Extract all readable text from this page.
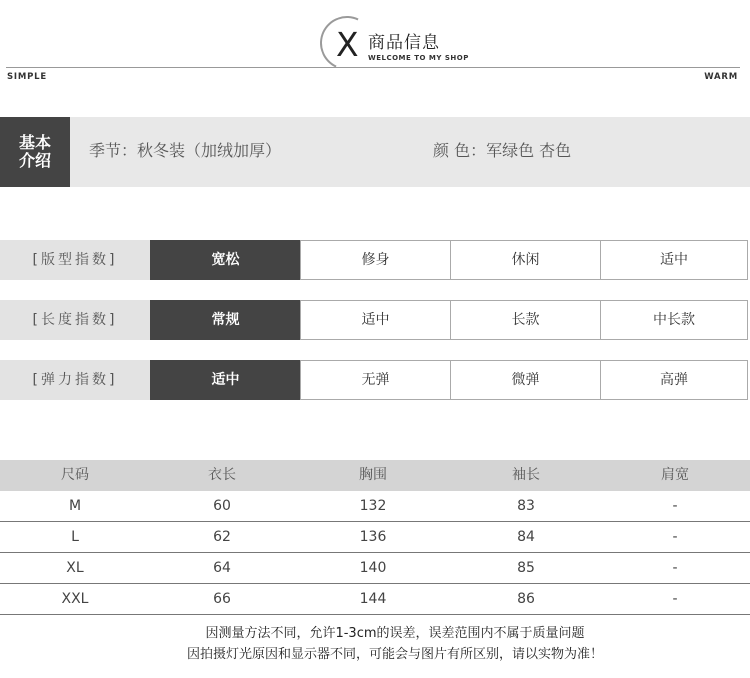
X 商品信息
WELCOME TO MY SHOP
SIMPLE	WARM
基本
介绍
季节：秋冬装（加绒加厚）	颜 色：军绿色 杏色
[版型指数]	宽松	修身	休闲	适中
[长度指数]	常规	适中	长款	中长款
[弹力指数]	适中	无弹	微弹	高弹
尺码	衣长	胸围	袖长	肩宽
M	60	132	83	-
L	62	136	84	-
XL	64	140	85	-
XXL	66	144	86	-
因测量方法不同，允许1-3cm的误差，误差范围内不属于质量问题
因拍摄灯光原因和显示器不同，可能会与图片有所区别，请以实物为准！
